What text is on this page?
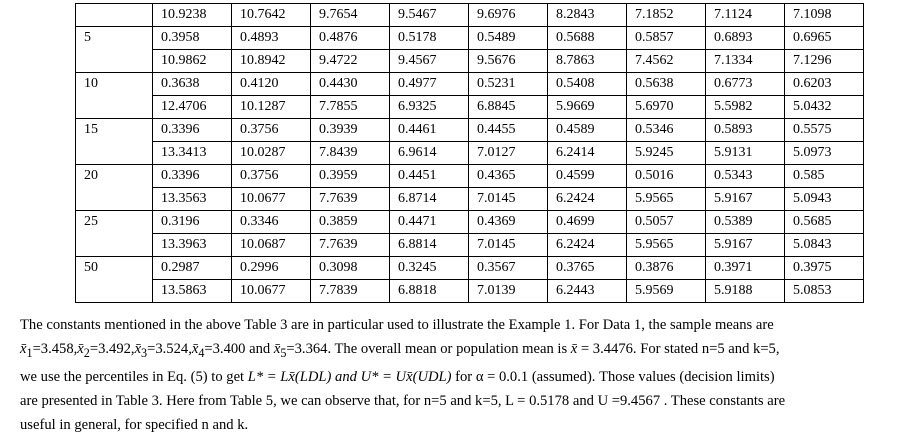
	10.9238	10.7642	9.7654	9.5467	9.6976	8.2843	7.1852	7.1124	7.1098
5	0.3958	0.4893	0.4876	0.5178	0.5489	0.5688	0.5857	0.6893	0.6965
	10.9862	10.8942	9.4722	9.4567	9.5676	8.7863	7.4562	7.1334	7.1296
10	0.3638	0.4120	0.4430	0.4977	0.5231	0.5408	0.5638	0.6773	0.6203
	12.4706	10.1287	7.7855	6.9325	6.8845	5.9669	5.6970	5.5982	5.0432
15	0.3396	0.3756	0.3939	0.4461	0.4455	0.4589	0.5346	0.5893	0.5575
	13.3413	10.0287	7.8439	6.9614	7.0127	6.2414	5.9245	5.9131	5.0973
20	0.3396	0.3756	0.3959	0.4451	0.4365	0.4599	0.5016	0.5343	0.585
	13.3563	10.0677	7.7639	6.8714	7.0145	6.2424	5.9565	5.9167	5.0943
25	0.3196	0.3346	0.3859	0.4471	0.4369	0.4699	0.5057	0.5389	0.5685
	13.3963	10.0687	7.7639	6.8814	7.0145	6.2424	5.9565	5.9167	5.0843
50	0.2987	0.2996	0.3098	0.3245	0.3567	0.3765	0.3876	0.3971	0.3975
	13.5863	10.0677	7.7839	6.8818	7.0139	6.2443	5.9569	5.9188	5.0853

The constants mentioned in the above Table 3 are in particular used to illustrate the Example 1. For Data 1, the sample means are
$x̄_1=3.458,x̄_2=3.492,x̄_3=3.524,x̄_4=3.400$ and $x̄_5=3.364$. The overall mean or population mean is x̄ = 3.4476. For stated n=5 and k=5,
we use the percentiles in Eq. (5) to get L* = Lx̄(LDL) and U* = Ux̄(UDL) for α = 0.0.1 (assumed). Those values (decision limits)
are presented in Table 3. Here from Table 5, we can observe that, for n=5 and k=5, L = 0.5178 and U =9.4567 . These constants are
useful in general, for specified n and k.
